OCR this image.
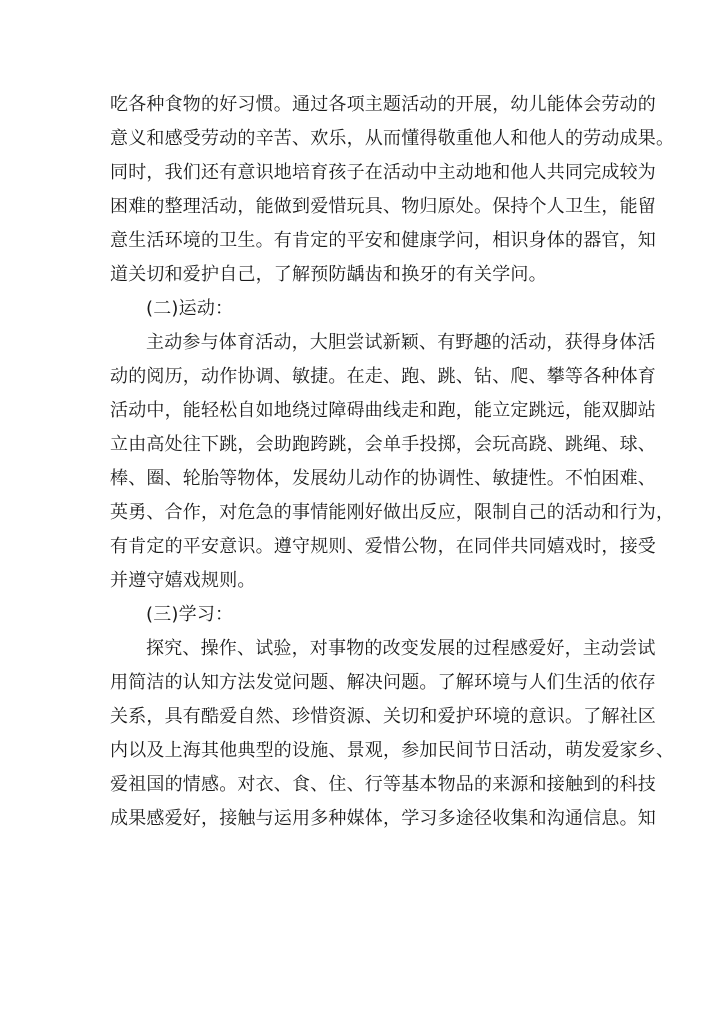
吃各种食物的好习惯。通过各项主题活动的开展，幼儿能体会劳动的
意义和感受劳动的辛苦、欢乐，从而懂得敬重他人和他人的劳动成果。
同时，我们还有意识地培育孩子在活动中主动地和他人共同完成较为
困难的整理活动，能做到爱惜玩具、物归原处。保持个人卫生，能留
意生活环境的卫生。有肯定的平安和健康学问，相识身体的器官，知
道关切和爱护自己，了解预防龋齿和换牙的有关学问。
(二)运动：
主动参与体育活动，大胆尝试新颖、有野趣的活动，获得身体活
动的阅历，动作协调、敏捷。在走、跑、跳、钻、爬、攀等各种体育
活动中，能轻松自如地绕过障碍曲线走和跑，能立定跳远，能双脚站
立由高处往下跳，会助跑跨跳，会单手投掷，会玩高跷、跳绳、球、
棒、圈、轮胎等物体，发展幼儿动作的协调性、敏捷性。不怕困难、
英勇、合作，对危急的事情能刚好做出反应，限制自己的活动和行为，
有肯定的平安意识。遵守规则、爱惜公物，在同伴共同嬉戏时，接受
并遵守嬉戏规则。
(三)学习：
探究、操作、试验，对事物的改变发展的过程感爱好，主动尝试
用简洁的认知方法发觉问题、解决问题。了解环境与人们生活的依存
关系，具有酷爱自然、珍惜资源、关切和爱护环境的意识。了解社区
内以及上海其他典型的设施、景观，参加民间节日活动，萌发爱家乡、
爱祖国的情感。对衣、食、住、行等基本物品的来源和接触到的科技
成果感爱好，接触与运用多种媒体，学习多途径收集和沟通信息。知
